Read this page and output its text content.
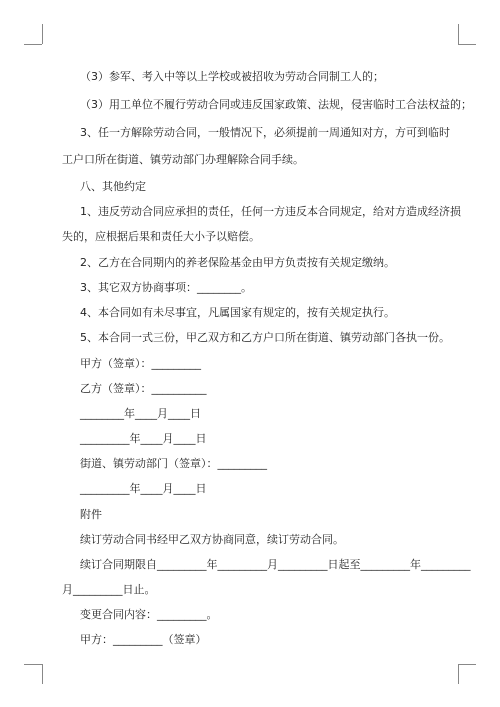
（3）参军、考入中等以上学校或被招收为劳动合同制工人的；
（3）用工单位不履行劳动合同或违反国家政策、法规，侵害临时工合法权益的；
3、任一方解除劳动合同，一般情况下，必须提前一周通知对方，方可到临时
工户口所在街道、镇劳动部门办理解除合同手续。
八、其他约定
1、违反劳动合同应承担的责任，任何一方违反本合同规定，给对方造成经济损
失的，应根据后果和责任大小予以赔偿。
2、乙方在合同期内的养老保险基金由甲方负责按有关规定缴纳。
3、其它双方协商事项：________。
4、本合同如有未尽事宜，凡属国家有规定的，按有关规定执行。
5、本合同一式三份，甲乙双方和乙方户口所在街道、镇劳动部门各执一份。
甲方（签章）：_________
乙方（签章）：__________
________年____月____日
_________年____月____日
街道、镇劳动部门（签章）：_________
_________年____月____日
附件
续订劳动合同书经甲乙双方协商同意，续订劳动合同。
续订合同期限自_________年_________月_________日起至_________年_________
月_________日止。
变更合同内容：_________。
甲方：_________（签章）
